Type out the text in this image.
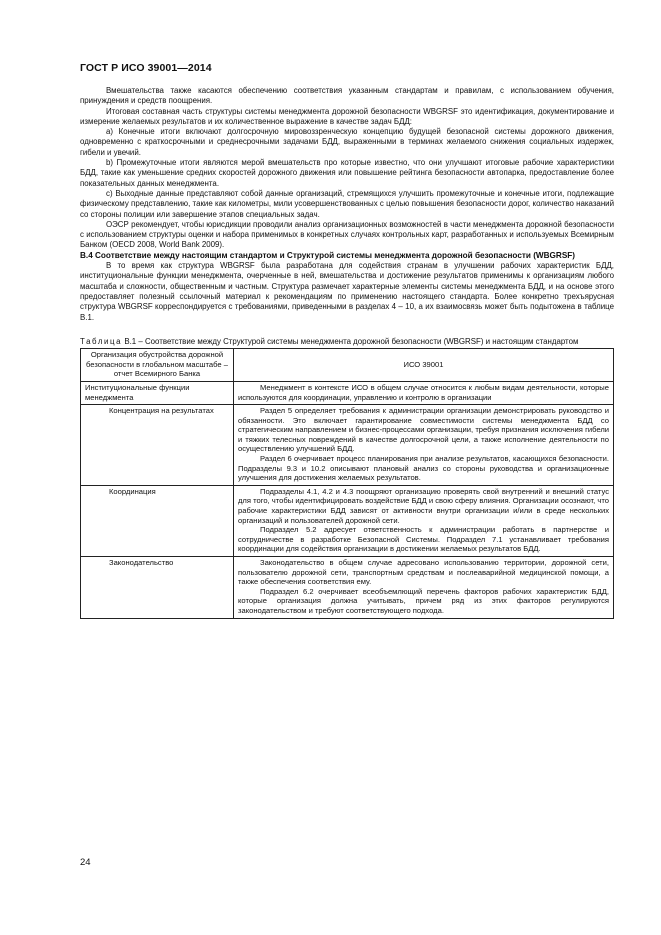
ГОСТ Р ИСО 39001—2014

Вмешательства также касаются обеспечению соответствия указанным стандартам и правилам, с использованием обучения, принуждения и средств поощрения.

Итоговая составная часть структуры системы менеджмента дорожной безопасности WBGRSF это идентификация, документирование и измерение желаемых результатов и их количественное выражение в качестве задач БДД:

а) Конечные итоги включают долгосрочную мировоззренческую концепцию будущей безопасной системы дорожного движения, одновременно с краткосрочными и среднесрочными задачами БДД, выраженными в терминах желаемого снижения социальных издержек, гибели и увечий.

b) Промежуточные итоги являются мерой вмешательств про которые известно, что они улучшают итоговые рабочие характеристики БДД, такие как уменьшение средних скоростей дорожного движения или повышение рейтинга безопасности автопарка, предоставление более показательных данных менеджмента.

с) Выходные данные представляют собой данные организаций, стремящихся улучшить промежуточные и конечные итоги, подлежащие физическому представлению, такие как километры, мили усовершенствованных с целью повышения безопасности дорог, количество наказаний со стороны полиции или завершение этапов специальных задач.

ОЭСР рекомендует, чтобы юрисдикции проводили анализ организационных возможностей в части менеджмента дорожной безопасности с использованием структуры оценки и набора применимых в конкретных случаях контрольных карт, разработанных и используемых Всемирным Банком (OECD 2008, World Bank 2009).

В.4 Соответствие между настоящим стандартом и Структурой системы менеджмента дорожной безопасности (WBGRSF)

В то время как структура WBGRSF была разработана для содействия странам в улучшении рабочих характеристик БДД, институциональные функции менеджмента, очерченные в ней, вмешательства и достижение результатов применимы к организациям любого масштаба и сложности, общественным и частным. Структура размечает характерные элементы системы менеджмента БДД, и на основе этого предоставляет полезный ссылочный материал к рекомендациям по применению настоящего стандарта. Более конкретно трехъярусная структура WBGRSF корреспондируется с требованиями, приведенными в разделах 4 – 10, а их взаимосвязь может быть подытожена в таблице В.1.

Таблица В.1 – Соответствие между Структурой системы менеджмента дорожной безопасности (WBGRSF) и настоящим стандартом

Организация обустройства дорожной безопасности в глобальном масштабе – отчет Всемирного Банка	ИСО 39001
Институциональные функции менеджмента	Менеджмент в контексте ИСО в общем случае относится к любым видам деятельности, которые используются для координации, управлению и контролю в организации

Концентрация на результатах	Раздел 5 определяет требования к администрации организации демонстрировать руководство и обязанности. Это включает гарантирование совместимости системы менеджмента БДД со стратегическим направлением и бизнес-процессами организации, требуя признания исключения гибели и тяжких телесных повреждений в качестве долгосрочной цели, а также исполнение деятельности по осуществлению улучшений БДД.

Раздел 6 очерчивает процесс планирования при анализе результатов, касающихся безопасности. Подразделы 9.3 и 10.2 описывают плановый анализ со стороны руководства и организационные улучшения для достижения желаемых результатов.

Координация	Подразделы 4.1, 4.2 и 4.3 поощряют организацию проверять свой внутренний и внешний статус для того, чтобы идентифицировать воздействие БДД и свою сферу влияния. Организации осознают, что рабочие характеристики БДД зависят от активности внутри организации и/или в среде нескольких организаций и пользователей дорожной сети.

Подраздел 5.2 адресует ответственность к администрации работать в партнерстве и сотрудничестве в разработке Безопасной Системы. Подраздел 7.1 устанавливает требования координации для содействия организации в достижении желаемых результатов БДД.

Законодательство	Законодательство в общем случае адресовано использованию территории, дорожной сети, пользователю дорожной сети, транспортным средствам и послеаварийной медицинской помощи, а также обеспечения соответствия ему.

Подраздел 6.2 очерчивает всеобъемлющий перечень факторов рабочих характеристик БДД, которые организация должна учитывать, причем ряд из этих факторов регулируются законодательством и требуют соответствующего подхода.

24
